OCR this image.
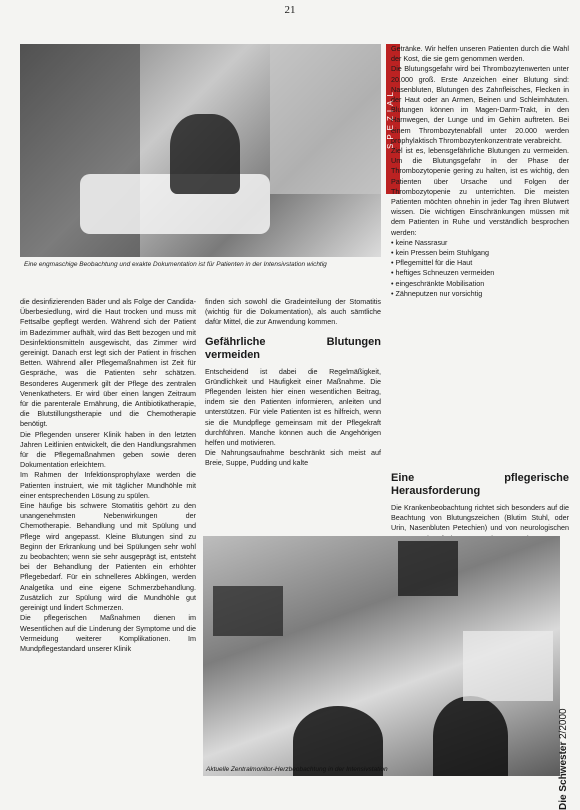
21
Eine engmaschige Beobachtung und exakte Dokumentation ist für Patienten in der Intensivstation wichtig
SPEZIAL

die desinfizierenden Bäder und als Folge der Candida-Überbesiedlung, wird die Haut trocken und muss mit Fettsalbe gepflegt werden. Während sich der Patient im Badezimmer aufhält, wird das Bett bezogen und mit Desinfektionsmitteln ausgewischt, das Zimmer wird gereinigt. Danach erst legt sich der Patient in frischen Betten. Während aller Pflegemaßnahmen ist Zeit für Gespräche, was die Patienten sehr schätzen. Besonderes Augenmerk gilt der Pflege des zentralen Venenkatheters. Er wird über einen langen Zeitraum für die parenterale Ernährung, die Antibiotikatherapie, die Blutstillungstherapie und die Chemotherapie benötigt.

Die Pflegenden unserer Klinik haben in den letzten Jahren Leitlinien entwickelt, die den Handlungsrahmen für die Pflegemaßnahmen geben sowie deren Dokumentation erleichtern.

Im Rahmen der Infektionsprophylaxe werden die Patienten instruiert, wie mit täglicher Mundhöhle mit einer entsprechenden Lösung zu spülen.

Eine häufige bis schwere Stomatitis gehört zu den unangenehmsten Nebenwirkungen der Chemotherapie. Behandlung und mit Spülung und Pflege wird angepasst. Kleine Blutungen sind zu Beginn der Erkrankung und bei Spülungen sehr wohl zu beobachten; wenn sie sehr ausgeprägt ist, entsteht bei der Behandlung der Patienten ein erhöhter Pflegebedarf. Für ein schnelleres Abklingen, werden Analgetika und eine eigene Schmerzbehandlung. Zusätzlich zur Spülung wird die Mundhöhle gut gereinigt und lindert Schmerzen.

Die pflegerischen Maßnahmen dienen im Wesentlichen auf die Linderung der Symptome und die Vermeidung weiterer Komplikationen. Im Mundpflegestandard unserer Klinik

finden sich sowohl die Gradeinteilung der Stomatitis (wichtig für die Dokumentation), als auch sämtliche dafür Mittel, die zur Anwendung kommen.

Gefährliche Blutungen vermeiden

Entscheidend ist dabei die Regelmäßigkeit, Gründlichkeit und Häufigkeit einer Maßnahme. Die Pflegenden leisten hier einen wesentlichen Beitrag, indem sie den Patienten informieren, anleiten und unterstützen. Für viele Patienten ist es hilfreich, wenn sie die Mundpflege gemeinsam mit der Pflegekraft durchführen. Manche können auch die Angehörigen helfen und motivieren.

Die Nahrungsaufnahme beschränkt sich meist auf Breie, Suppe, Pudding und kalte

Getränke. Wir helfen unseren Patienten durch die Wahl der Kost, die sie gern genommen werden.

Die Blutungsgefahr wird bei Thrombozytenwerten unter 20.000 groß. Erste Anzeichen einer Blutung sind: Nasenbluten, Blutungen des Zahnfleisches, Flecken in der Haut oder an Armen, Beinen und Schleimhäuten. Blutungen können im Magen-Darm-Trakt, in den Harnwegen, der Lunge und im Gehirn auftreten. Bei einem Thrombozytenabfall unter 20.000 werden prophylaktisch Thrombozytenkonzentrate verabreicht.

Ziel ist es, lebensgefährliche Blutungen zu vermeiden. Um die Blutungsgefahr in der Phase der Thrombozytopenie gering zu halten, ist es wichtig, den Patienten über Ursache und Folgen der Thrombozytopenie zu unterrichten. Die meisten Patienten möchten ohnehin in jeder Tag ihren Blutwert wissen. Die wichtigen Einschränkungen müssen mit dem Patienten in Ruhe und verständlich besprochen werden:

• keine Nassrasur
• kein Pressen beim Stuhlgang
• Pflegemittel für die Haut
• heftiges Schneuzen vermeiden
• eingeschränkte Mobilisation
• Zähneputzen nur vorsichtig
Eine pflegerische Herausforderung

Die Krankenbeobachtung richtet sich besonders auf die Beachtung von Blutungszeichen (Blutim Stuhl, oder Urin, Nasenbluten Petechien) und von neurologischen

Aktuelle Zentralmonitor-Herzbeobachtung in der Intensivstation	Die Schwester 2/2000
